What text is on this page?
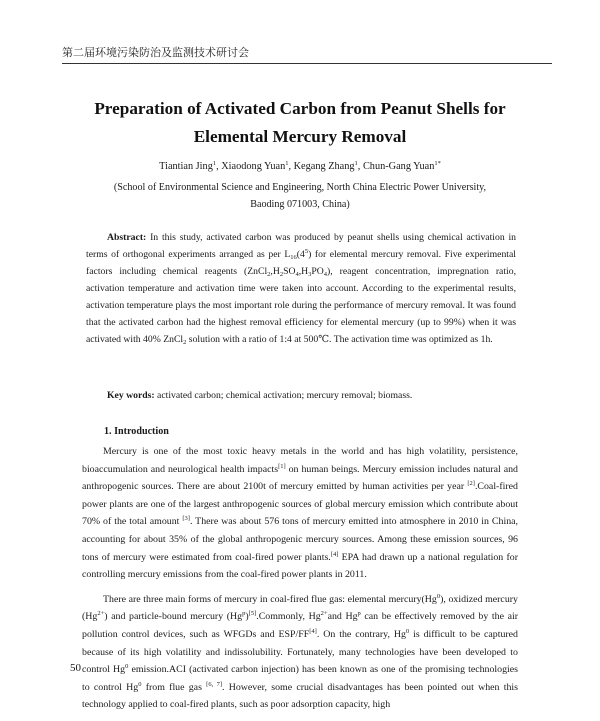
第二届环境污染防治及监测技术研讨会
Preparation of Activated Carbon from Peanut Shells for
Elemental Mercury Removal
Tiantian Jing$^1$, Xiaodong Yuan$^1$, Kegang Zhang$^1$, Chun-Gang Yuan$^{1*}$
(School of Environmental Science and Engineering, North China Electric Power University,
Baoding 071003, China)

Abstract: In this study, activated carbon was produced by peanut shells using chemical activation in terms of orthogonal experiments arranged as per $L_{16}(4^5)$ for elemental mercury removal. Five experimental factors including chemical reagents $(ZnCl_2,H_2SO_4,H_3PO_4)$, reagent concentration, impregnation ratio, activation temperature and activation time were taken into account. According to the experimental results, activation temperature plays the most important role during the performance of mercury removal. It was found that the activated carbon had the highest removal efficiency for elemental mercury (up to 99%) when it was activated with 40% ZnCl$_2$ solution with a ratio of 1:4 at 500℃. The activation time was optimized as 1h.

Key words: activated carbon; chemical activation; mercury removal; biomass.
1. Introduction

Mercury is one of the most toxic heavy metals in the world and has high volatility, persistence, bioaccumulation and neurological health impacts[1] on human beings. Mercury emission includes natural and anthropogenic sources. There are about 2100t of mercury emitted by human activities per year [2].Coal-fired power plants are one of the largest anthropogenic sources of global mercury emission which contribute about 70% of the total amount [3]. There was about 576 tons of mercury emitted into atmosphere in 2010 in China, accounting for about 35% of the global anthropogenic mercury sources. Among these emission sources, 96 tons of mercury were estimated from coal-fired power plants.[4] EPA had drawn up a national regulation for controlling mercury emissions from the coal-fired power plants in 2011.

There are three main forms of mercury in coal-fired flue gas: elemental mercury(Hg$^0$), oxidized mercury $(Hg^{2+})$ and particle-bound mercury (Hg$^p$)[5].Commonly, $Hg^{2+}and$ Hg$^p$ can be effectively removed by the air pollution control devices, such as WFGDs and ESP/FF[4]. On the contrary, Hg$^0$ is difficult to be captured because of its high volatility and indissolubility. Fortunately, many technologies have been developed to control Hg$^0$ emission.ACI (activated carbon injection) has been known as one of the promising technologies to control Hg$^0$ from flue gas [6, 7]. However, some crucial disadvantages has been pointed out when this technology applied to coal-fired plants, such as poor adsorption capacity, high

50
